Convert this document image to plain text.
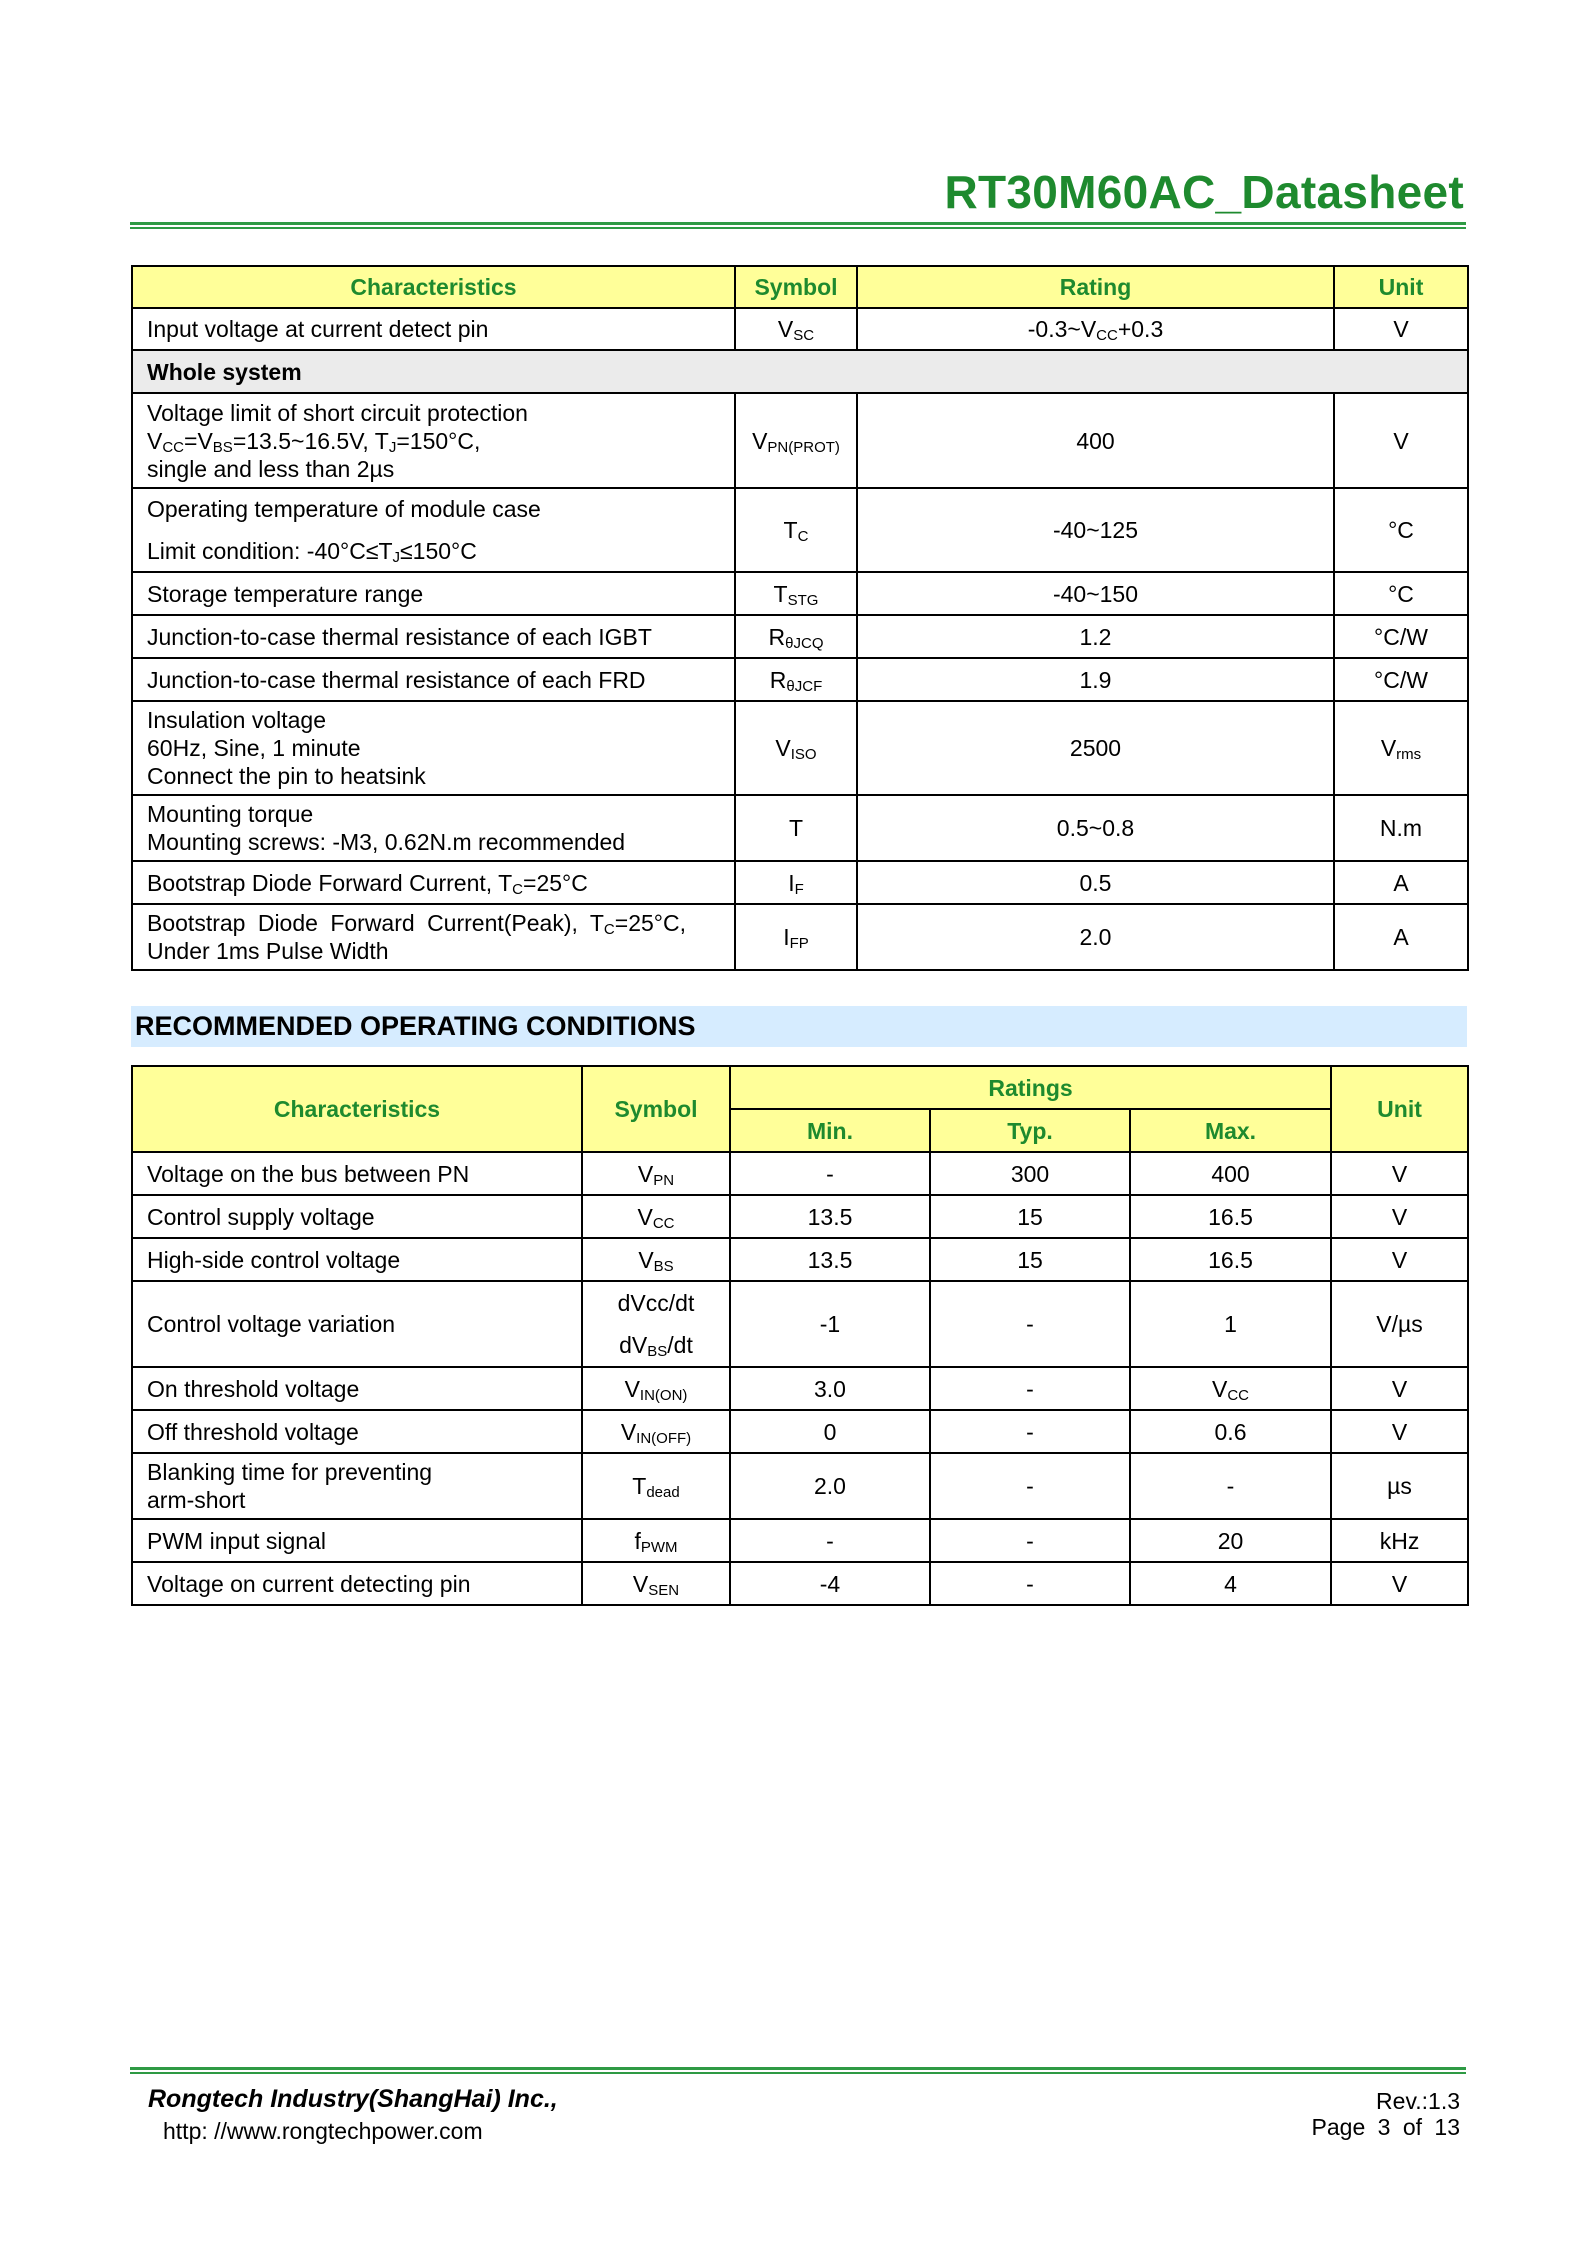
RT30M60AC_Datasheet
Characteristics	Symbol	Rating	Unit
Input voltage at current detect pin	$V_{SC}$	$-0.3\sim V_{CC}+0.3$	V
Whole system			

Voltage limit of short circuit protection
$V_{CC}=V_{BS}=13.5\sim 16.5V$, $T_J=150^\circ C$,
single and less than 2µs	$V_{PN(PROT)}$	400	V

Operating temperature of module case
Limit condition: $-40^\circ C\le T_J\le 150^\circ C$	$T_C$	-40~125	°C
Storage temperature range	$T_{STG}$	-40~150	°C
Junction-to-case thermal resistance of each IGBT	$R_{\theta JCQ}$	1.2	°C/W
Junction-to-case thermal resistance of each FRD	$R_{\theta JCF}$	1.9	°C/W

Insulation voltage
60Hz, Sine, 1 minute
Connect the pin to heatsink	$V_{ISO}$	2500	$V_{rms}$

Mounting torque
Mounting screws: -M3, 0.62N.m recommended	T	0.5~0.8	N.m
Bootstrap Diode Forward Current, $T_C=25^\circ C$	$I_F$	0.5	A

Bootstrap Diode Forward Current(Peak), $T_C=25^\circ C$,
Under 1ms Pulse Width	$I_{FP}$	2.0	A
RECOMMENDED OPERATING CONDITIONS
Characteristics	Symbol	Ratings			Unit
		Min.	Typ.	Max.	
Voltage on the bus between PN	$V_{PN}$	-	300	400	V
Control supply voltage	$V_{CC}$	13.5	15	16.5	V
High-side control voltage	$V_{BS}$	13.5	15	16.5	V
Control voltage variation	dVcc/dt
$dV_{BS}/dt$	-1	-	1	V/µs
On threshold voltage	$V_{IN(ON)}$	3.0	-	$V_{CC}$	V
Off threshold voltage	$V_{IN(OFF)}$	0	-	0.6	V

Blanking time for preventing
arm-short	$T_{dead}$	2.0	-	-	µs
PWM input signal	$f_{PWM}$	-	-	20	kHz
Voltage on current detecting pin	$V_{SEN}$	-4	-	4	V
Rongtech Industry(ShangHai) Inc.,
http: //www.rongtechpower.com
Rev.:1.3
Page 3 of 13
